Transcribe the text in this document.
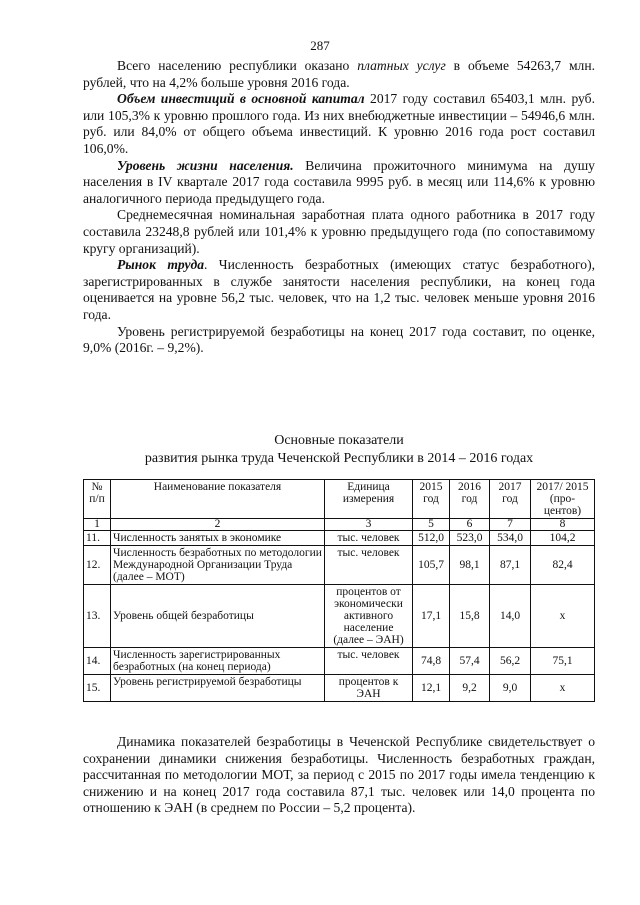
287

Всего населению республики оказано платных услуг в объеме 54263,7 млн. рублей, что на 4,2% больше уровня 2016 года.

Объем инвестиций в основной капитал 2017 году составил 65403,1 млн. руб. или 105,3% к уровню прошлого года. Из них внебюджетные инвестиции – 54946,6 млн. руб. или 84,0% от общего объема инвестиций. К уровню 2016 года рост составил 106,0%.

Уровень жизни населения. Величина прожиточного минимума на душу населения в IV квартале 2017 года составила 9995 руб. в месяц или 114,6% к уровню аналогичного периода предыдущего года.

Среднемесячная номинальная заработная плата одного работника в 2017 году составила 23248,8 рублей или 101,4% к уровню предыдущего года (по сопоставимому кругу организаций).

Рынок труда. Численность безработных (имеющих статус безработного), зарегистрированных в службе занятости населения республики, на конец года оценивается на уровне 56,2 тыс. человек, что на 1,2 тыс. человек меньше уровня 2016 года.

Уровень регистрируемой безработицы на конец 2017 года составит, по оценке, 9,0% (2016г. – 9,2%).

Основные показатели
развития рынка труда Чеченской Республики в 2014 – 2016 годах
№ п/п	Наименование показателя	Единица измерения	2015 год	2016 год	2017 год	2017/ 2015 (про- центов)
1	2	3	5	6	7	8
11.	Численность занятых в экономике	тыс. человек	512,0	523,0	534,0	104,2
12.	Численность безработных по методологии Международной Организации Труда (далее – МОТ)	тыс. человек	105,7	98,1	87,1	82,4
13.	Уровень общей безработицы	процентов от экономически активного население (далее – ЭАН)	17,1	15,8	14,0	х
14.	Численность зарегистрированных безработных (на конец периода)	тыс. человек	74,8	57,4	56,2	75,1
15.	Уровень регистрируемой безработицы	процентов к ЭАН	12,1	9,2	9,0	х

Динамика показателей безработицы в Чеченской Республике свидетельствует о сохранении динамики снижения безработицы. Численность безработных граждан, рассчитанная по методологии МОТ, за период с 2015 по 2017 годы имела тенденцию к снижению и на конец 2017 года составила 87,1 тыс. человек или 14,0 процента по отношению к ЭАН (в среднем по России – 5,2 процента).
